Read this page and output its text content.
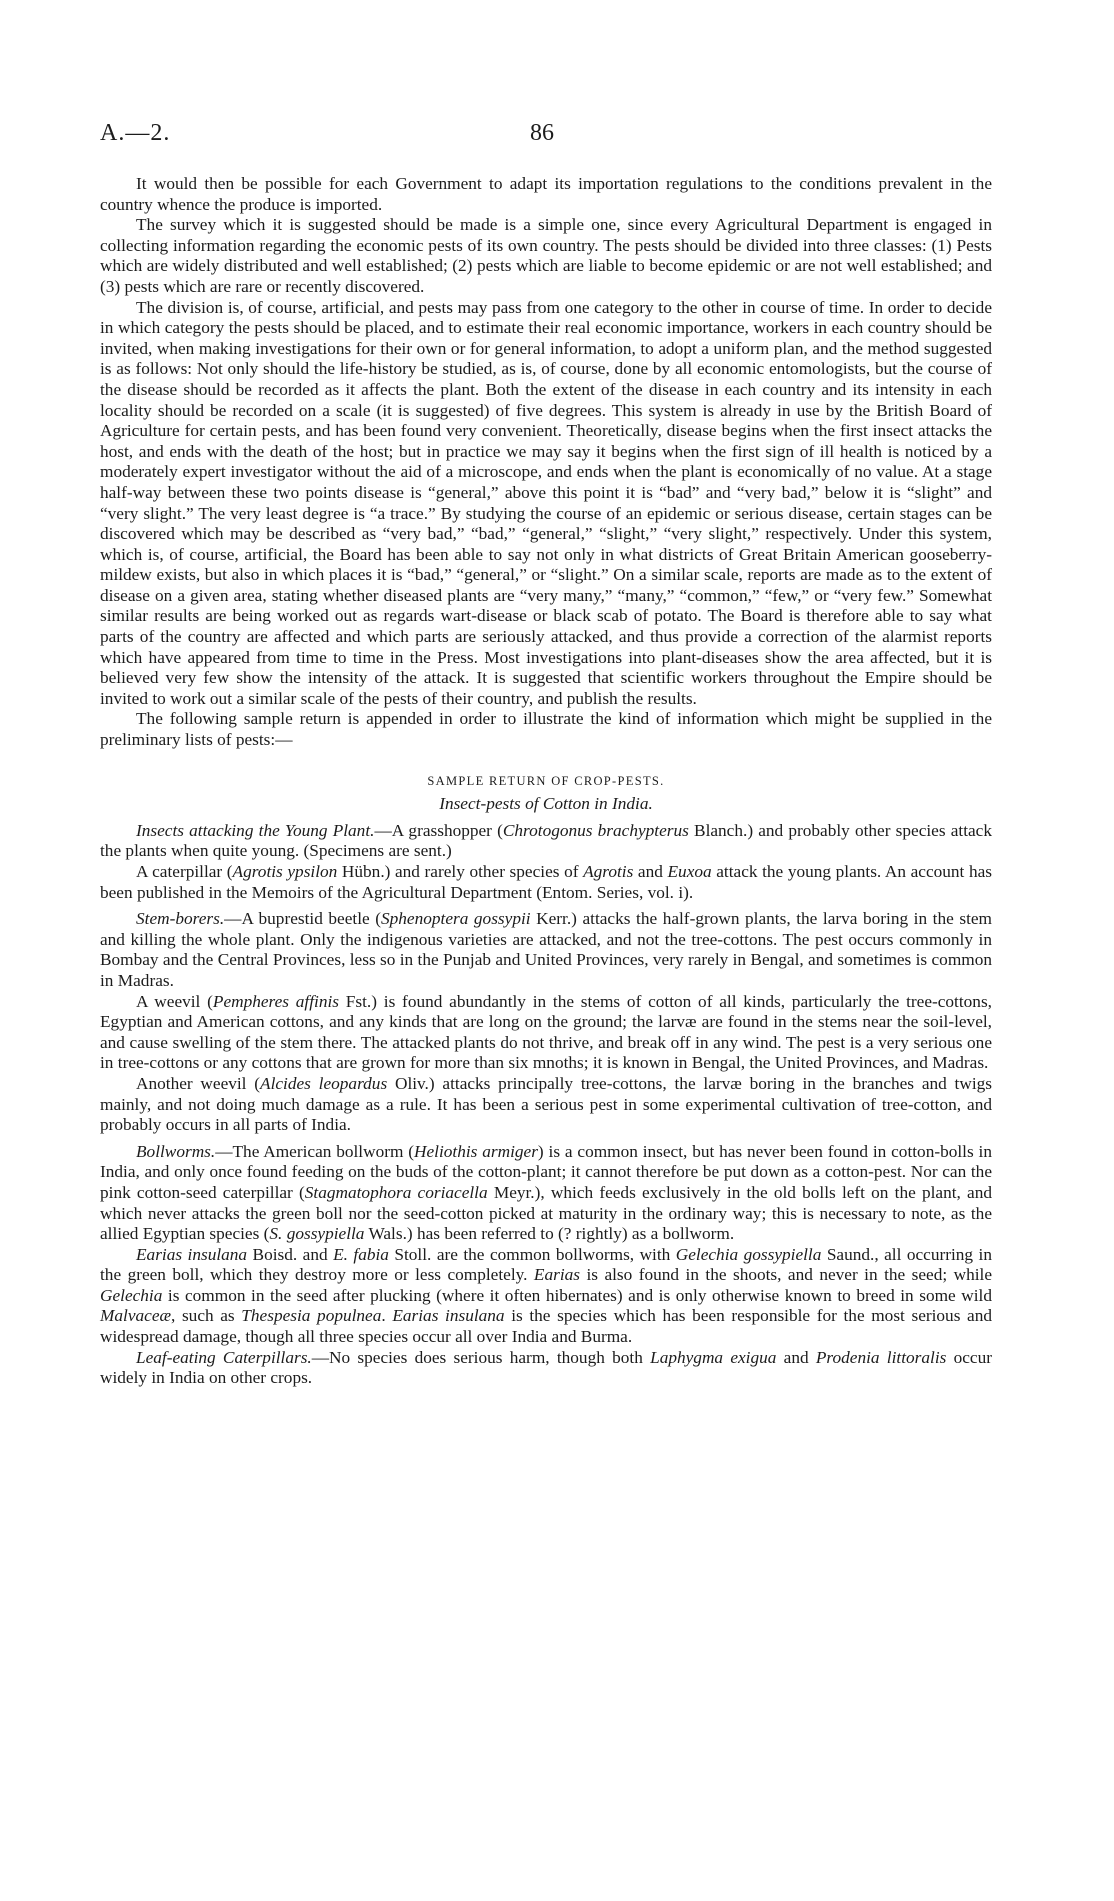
A.—2.	86

It would then be possible for each Government to adapt its importation regulations to the conditions prevalent in the country whence the produce is imported.

The survey which it is suggested should be made is a simple one, since every Agricultural Department is engaged in collecting information regarding the economic pests of its own country. The pests should be divided into three classes: (1) Pests which are widely distributed and well established; (2) pests which are liable to become epidemic or are not well established; and (3) pests which are rare or recently discovered.

The division is, of course, artificial, and pests may pass from one category to the other in course of time. In order to decide in which category the pests should be placed, and to estimate their real economic importance, workers in each country should be invited, when making investigations for their own or for general information, to adopt a uniform plan, and the method suggested is as follows: Not only should the life-history be studied, as is, of course, done by all economic entomologists, but the course of the disease should be recorded as it affects the plant. Both the extent of the disease in each country and its intensity in each locality should be recorded on a scale (it is suggested) of five degrees. This system is already in use by the British Board of Agriculture for certain pests, and has been found very convenient. Theoretically, disease begins when the first insect attacks the host, and ends with the death of the host; but in practice we may say it begins when the first sign of ill health is noticed by a moderately expert investigator without the aid of a microscope, and ends when the plant is economically of no value. At a stage half-way between these two points disease is “general,” above this point it is “bad” and “very bad,” below it is “slight” and “very slight.” The very least degree is “a trace.” By studying the course of an epidemic or serious disease, certain stages can be discovered which may be described as “very bad,” “bad,” “general,” “slight,” “very slight,” respectively. Under this system, which is, of course, artificial, the Board has been able to say not only in what districts of Great Britain American gooseberry-mildew exists, but also in which places it is “bad,” “general,” or “slight.” On a similar scale, reports are made as to the extent of disease on a given area, stating whether diseased plants are “very many,” “many,” “common,” “few,” or “very few.” Somewhat similar results are being worked out as regards wart-disease or black scab of potato. The Board is therefore able to say what parts of the country are affected and which parts are seriously attacked, and thus provide a correction of the alarmist reports which have appeared from time to time in the Press. Most investigations into plant-diseases show the area affected, but it is believed very few show the intensity of the attack. It is suggested that scientific workers throughout the Empire should be invited to work out a similar scale of the pests of their country, and publish the results.

The following sample return is appended in order to illustrate the kind of information which might be supplied in the preliminary lists of pests:—

SAMPLE RETURN OF CROP-PESTS.
Insect-pests of Cotton in India.

Insects attacking the Young Plant.—A grasshopper (Chrotogonus brachypterus Blanch.) and probably other species attack the plants when quite young. (Specimens are sent.)

A caterpillar (Agrotis ypsilon Hübn.) and rarely other species of Agrotis and Euxoa attack the young plants. An account has been published in the Memoirs of the Agricultural Department (Entom. Series, vol. i).

Stem-borers.—A buprestid beetle (Sphenoptera gossypii Kerr.) attacks the half-grown plants, the larva boring in the stem and killing the whole plant. Only the indigenous varieties are attacked, and not the tree-cottons. The pest occurs commonly in Bombay and the Central Provinces, less so in the Punjab and United Provinces, very rarely in Bengal, and sometimes is common in Madras.

A weevil (Pempheres affinis Fst.) is found abundantly in the stems of cotton of all kinds, particularly the tree-cottons, Egyptian and American cottons, and any kinds that are long on the ground; the larvæ are found in the stems near the soil-level, and cause swelling of the stem there. The attacked plants do not thrive, and break off in any wind. The pest is a very serious one in tree-cottons or any cottons that are grown for more than six mnoths; it is known in Bengal, the United Provinces, and Madras.

Another weevil (Alcides leopardus Oliv.) attacks principally tree-cottons, the larvæ boring in the branches and twigs mainly, and not doing much damage as a rule. It has been a serious pest in some experimental cultivation of tree-cotton, and probably occurs in all parts of India.

Bollworms.—The American bollworm (Heliothis armiger) is a common insect, but has never been found in cotton-bolls in India, and only once found feeding on the buds of the cotton-plant; it cannot therefore be put down as a cotton-pest. Nor can the pink cotton-seed caterpillar (Stagmatophora coriacella Meyr.), which feeds exclusively in the old bolls left on the plant, and which never attacks the green boll nor the seed-cotton picked at maturity in the ordinary way; this is necessary to note, as the allied Egyptian species (S. gossypiella Wals.) has been referred to (? rightly) as a bollworm.

Earias insulana Boisd. and E. fabia Stoll. are the common bollworms, with Gelechia gossypiella Saund., all occurring in the green boll, which they destroy more or less completely. Earias is also found in the shoots, and never in the seed; while Gelechia is common in the seed after plucking (where it often hibernates) and is only otherwise known to breed in some wild Malvaceæ, such as Thespesia populnea. Earias insulana is the species which has been responsible for the most serious and widespread damage, though all three species occur all over India and Burma.

Leaf-eating Caterpillars.—No species does serious harm, though both Laphygma exigua and Prodenia littoralis occur widely in India on other crops.
